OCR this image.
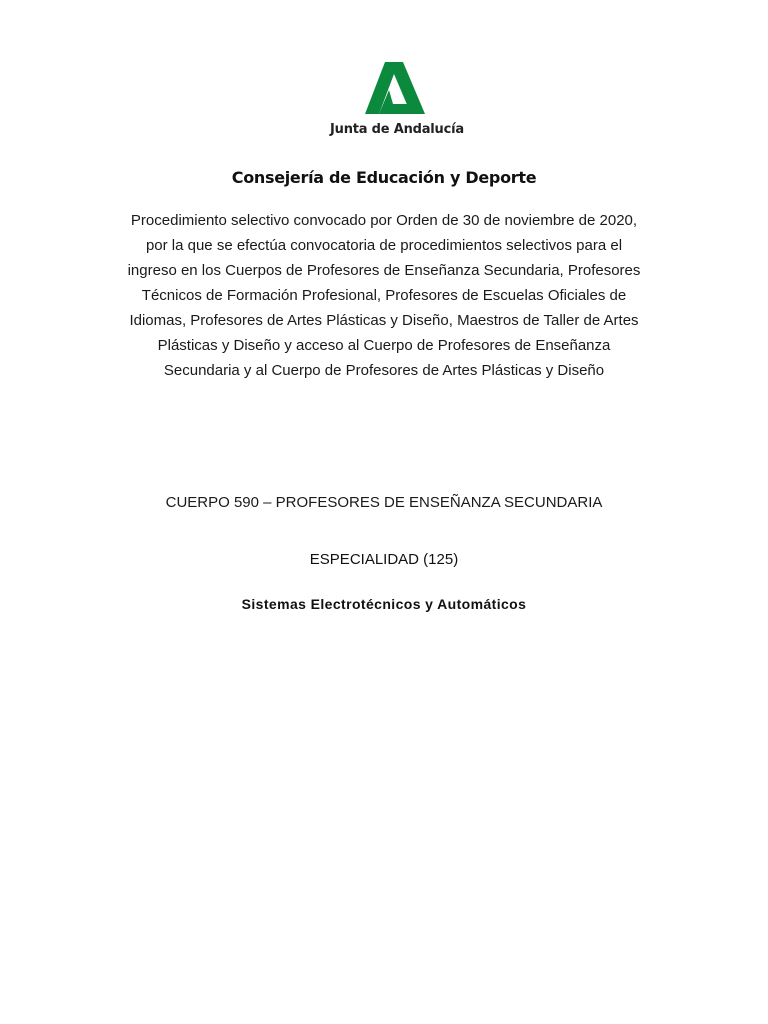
Junta de Andalucía
Consejería de Educación y Deporte
Procedimiento selectivo convocado por Orden de 30 de noviembre de 2020,
por la que se efectúa convocatoria de procedimientos selectivos para el
ingreso en los Cuerpos de Profesores de Enseñanza Secundaria, Profesores
Técnicos de Formación Profesional, Profesores de Escuelas Oficiales de
Idiomas, Profesores de Artes Plásticas y Diseño, Maestros de Taller de Artes
Plásticas y Diseño y acceso al Cuerpo de Profesores de Enseñanza
Secundaria y al Cuerpo de Profesores de Artes Plásticas y Diseño
CUERPO 590 – PROFESORES DE ENSEÑANZA SECUNDARIA
ESPECIALIDAD (125)
Sistemas Electrotécnicos y Automáticos
